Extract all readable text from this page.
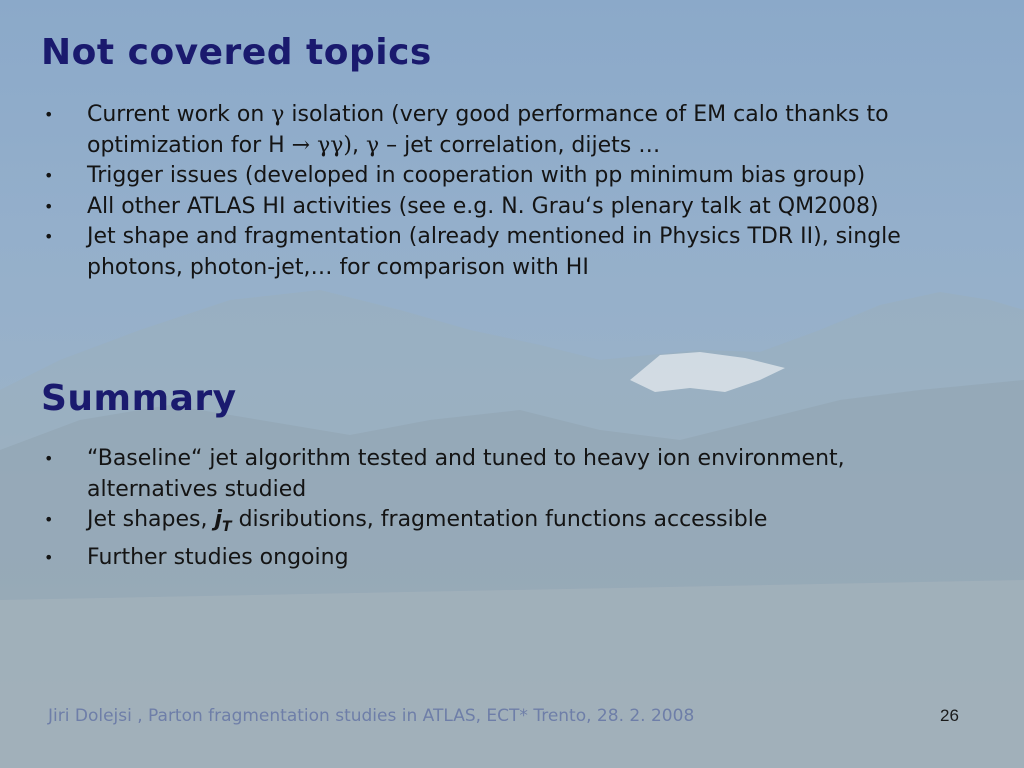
Not covered topics
• Current work on γ isolation (very good performance of EM calo thanks to optimization for H → γγ), γ – jet correlation, dijets …
• Trigger issues (developed in cooperation with pp minimum bias group)
• All other ATLAS HI activities (see e.g. N. Grau‘s plenary talk at QM2008)
• Jet shape and fragmentation (already mentioned in Physics TDR II), single photons, photon-jet,… for comparison with HI
Summary
• “Baseline“ jet algorithm tested and tuned to heavy ion environment, alternatives studied
• Jet shapes, $j_T$ disributions, fragmentation functions accessible
• Further studies ongoing
Jiri Dolejsi , Parton fragmentation studies in ATLAS, ECT* Trento, 28. 2. 2008	26
